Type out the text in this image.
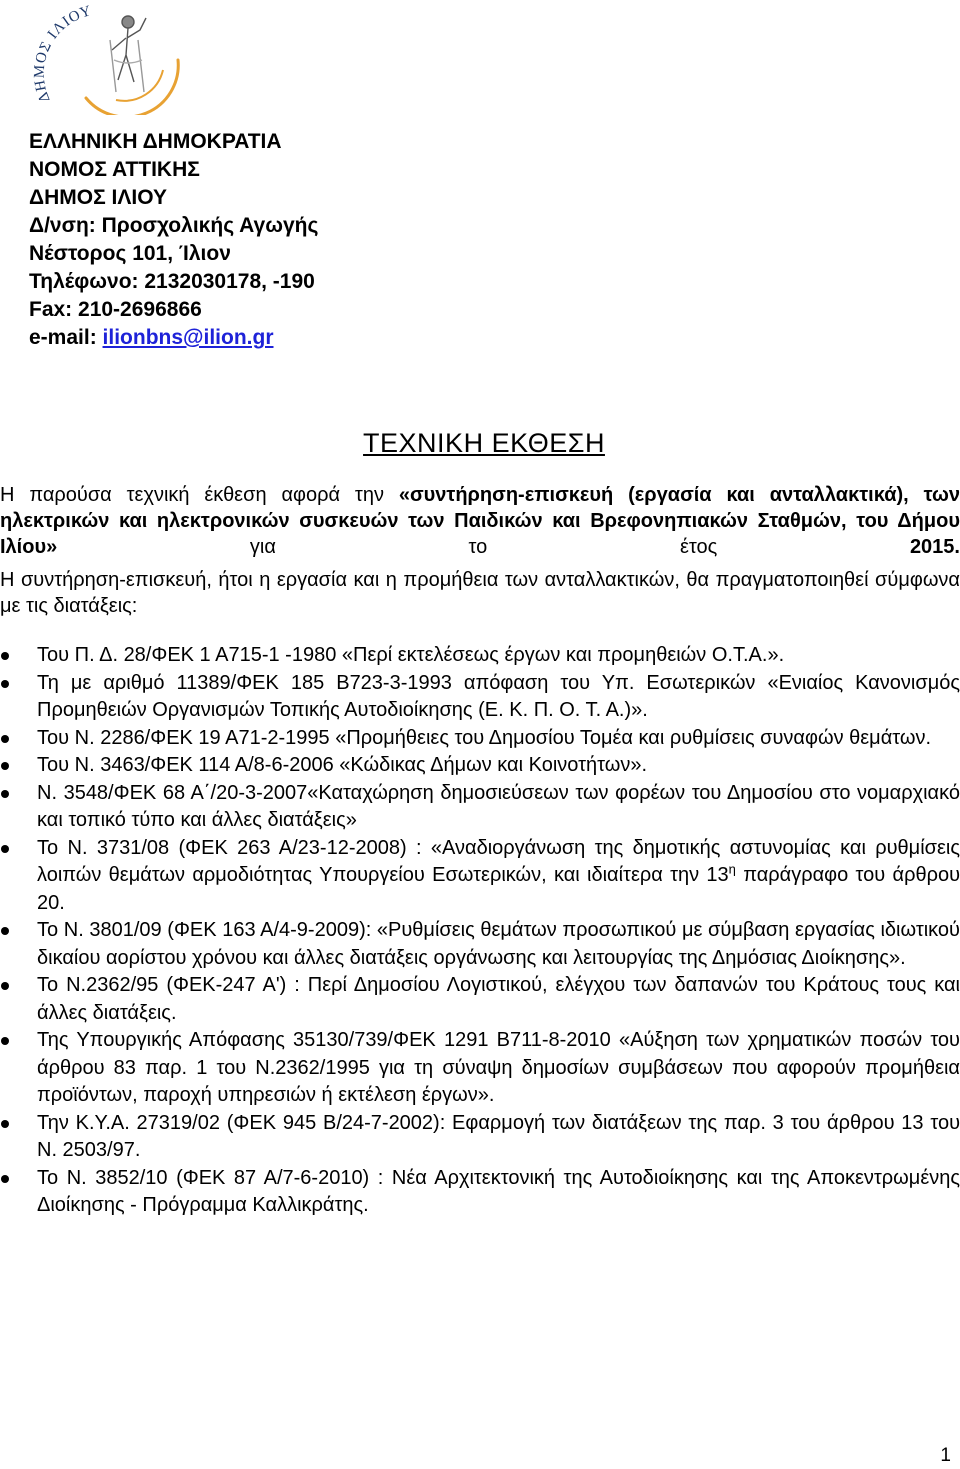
ΔΗΜΟΣ ΙΛΙΟΥ
ΕΛΛΗΝΙΚΗ ΔΗΜΟΚΡΑΤΙΑ
ΝΟΜΟΣ ΑΤΤΙΚΗΣ
ΔΗΜΟΣ ΙΛΙΟΥ
Δ/νση: Προσχολικής Αγωγής
Νέστορος 101, Ίλιον
Τηλέφωνο: 2132030178, -190
Fax: 210-2696866
e-mail: ilionbns@ilion.gr
ΤΕΧΝΙΚΗ ΕΚΘΕΣΗ

Η παρούσα τεχνική έκθεση αφορά την «συντήρηση-επισκευή (εργασία και ανταλλακτικά), των ηλεκτρικών και ηλεκτρονικών συσκευών των Παιδικών και Βρεφονηπιακών Σταθμών, του Δήμου Ιλίου» για το έτος 2015.

Η συντήρηση-επισκευή, ήτοι η εργασία και η προμήθεια των ανταλλακτικών, θα πραγματοποιηθεί σύμφωνα με τις διατάξεις:

Του Π. Δ. 28/ΦΕΚ 1 Α715-1 -1980 «Περί εκτελέσεως έργων και προμηθειών Ο.Τ.Α.».
Τη με αριθμό 11389/ΦΕΚ 185 Β723-3-1993 απόφαση του Υπ. Εσωτερικών «Ενιαίος Κανονισμός Προμηθειών Οργανισμών Τοπικής Αυτοδιοίκησης (Ε. Κ. Π. Ο. Τ. Α.)».
Του Ν. 2286/ΦΕΚ 19 Α71-2-1995 «Προμήθειες του Δημοσίου Τομέα και ρυθμίσεις συναφών θεμάτων.
Του Ν. 3463/ΦΕΚ 114 Α/8-6-2006 «Κώδικας Δήμων και Κοινοτήτων».
Ν. 3548/ΦΕΚ 68 Α΄/20-3-2007«Καταχώρηση δημοσιεύσεων των φορέων του Δημοσίου στο νομαρχιακό και τοπικό τύπο και άλλες διατάξεις»
Το Ν. 3731/08 (ΦΕΚ 263 Α/23-12-2008) : «Αναδιοργάνωση της δημοτικής αστυνομίας και ρυθμίσεις λοιπών θεμάτων αρμοδιότητας Υπουργείου Εσωτερικών, και ιδιαίτερα την $13^\eta$ παράγραφο του άρθρου 20.
Το Ν. 3801/09 (ΦΕΚ 163 Α/4-9-2009): «Ρυθμίσεις θεμάτων προσωπικού με σύμβαση εργασίας ιδιωτικού δικαίου αορίστου χρόνου και άλλες διατάξεις οργάνωσης και λειτουργίας της Δημόσιας Διοίκησης».
Το Ν.2362/95 (ΦΕΚ-247 Α') : Περί Δημοσίου Λογιστικού, ελέγχου των δαπανών του Κράτους τους και άλλες διατάξεις.
Της Υπουργικής Απόφασης 35130/739/ΦΕΚ 1291 Β711-8-2010 «Αύξηση των χρηματικών ποσών του άρθρου 83 παρ. 1 του Ν.2362/1995 για τη σύναψη δημοσίων συμβάσεων που αφορούν προμήθεια προϊόντων, παροχή υπηρεσιών ή εκτέλεση έργων».
Την Κ.Υ.Α. 27319/02 (ΦΕΚ 945 Β/24-7-2002): Εφαρμογή των διατάξεων της παρ. 3 του άρθρου 13 του Ν. 2503/97.
Το Ν. 3852/10 (ΦΕΚ 87 Α/7-6-2010) : Νέα Αρχιτεκτονική της Αυτοδιοίκησης και της Αποκεντρωμένης Διοίκησης - Πρόγραμμα Καλλικράτης.
1
